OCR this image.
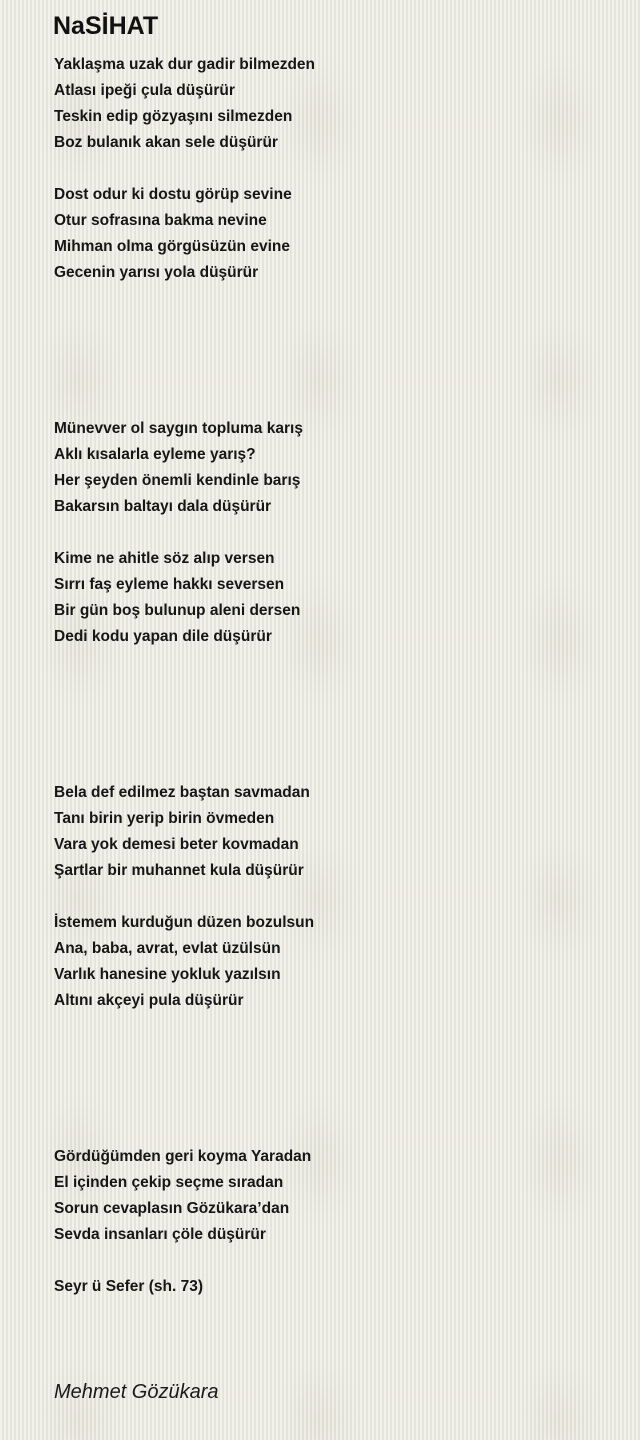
NaSİHAT
Yaklaşma uzak dur gadir bilmezden
Atlası ipeği çula düşürür
Teskin edip gözyaşını silmezden
Boz bulanık akan sele düşürür
Dost odur ki dostu görüp sevine
Otur sofrasına bakma nevine
Mihman olma görgüsüzün evine
Gecenin yarısı yola düşürür
Münevver ol saygın topluma karış
Aklı kısalarla eyleme yarış?
Her şeyden önemli kendinle barış
Bakarsın baltayı dala düşürür
Kime ne ahitle söz alıp versen
Sırrı faş eyleme hakkı seversen
Bir gün boş bulunup aleni dersen
Dedi kodu yapan dile düşürür
Bela def edilmez baştan savmadan
Tanı birin yerip birin övmeden
Vara yok demesi beter kovmadan
Şartlar bir muhannet kula düşürür
İstemem kurduğun düzen bozulsun
Ana, baba, avrat, evlat üzülsün
Varlık hanesine yokluk yazılsın
Altını akçeyi pula düşürür
Gördüğümden geri koyma Yaradan
El içinden çekip seçme sıradan
Sorun cevaplasın Gözükara’dan
Sevda insanları çöle düşürür
Seyr ü Sefer (sh. 73)
Mehmet Gözükara
